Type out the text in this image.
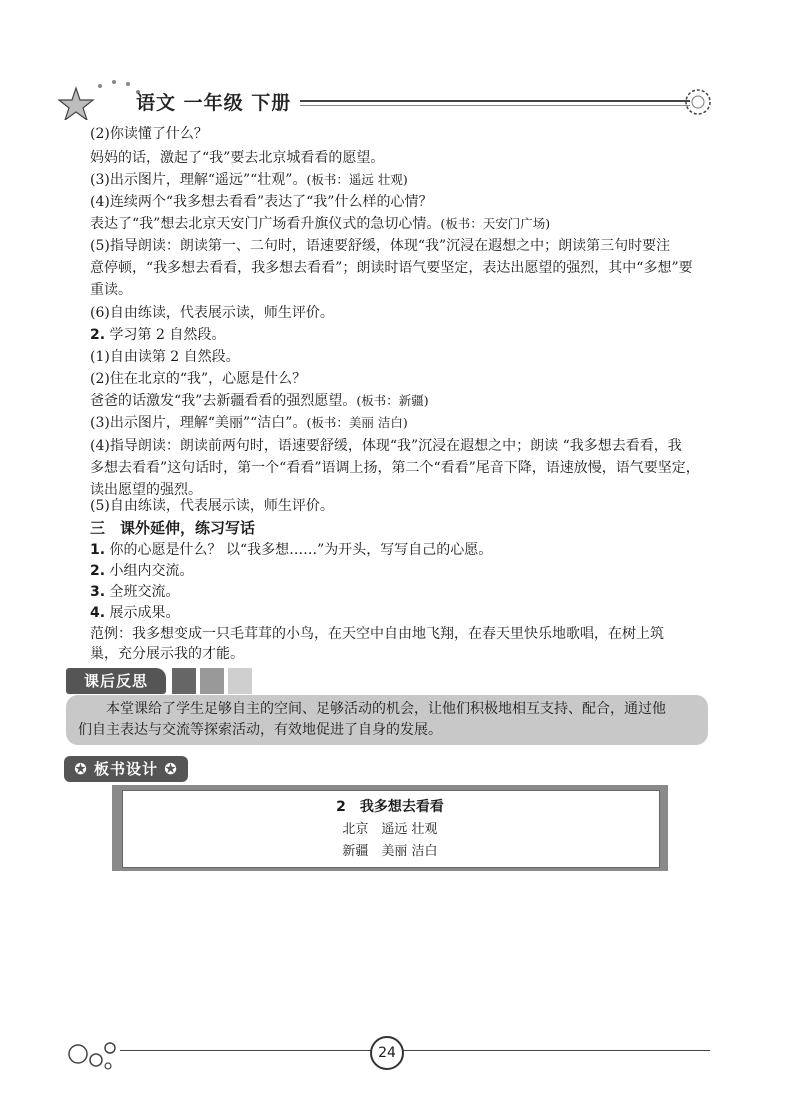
语文 一年级 下册
(2)你读懂了什么？
妈妈的话，激起了“我”要去北京城看看的愿望。
(3)出示图片，理解“遥远”“壮观”。(板书：遥远 壮观)
(4)连续两个“我多想去看看”表达了“我”什么样的心情？
表达了“我”想去北京天安门广场看升旗仪式的急切心情。(板书：天安门广场)
(5)指导朗读：朗读第一、二句时，语速要舒缓，体现“我”沉浸在遐想之中；朗读第三句时要注
意停顿，“我多想去看看，我多想去看看”；朗读时语气要坚定，表达出愿望的强烈，其中“多想”要
重读。
(6)自由练读，代表展示读，师生评价。
2. 学习第 2 自然段。
(1)自由读第 2 自然段。
(2)住在北京的“我”，心愿是什么？
爸爸的话激发“我”去新疆看看的强烈愿望。(板书：新疆)
(3)出示图片，理解“美丽”“洁白”。(板书：美丽 洁白)
(4)指导朗读：朗读前两句时，语速要舒缓，体现“我”沉浸在遐想之中；朗读 “我多想去看看，我
多想去看看”这句话时，第一个“看看”语调上扬，第二个“看看”尾音下降，语速放慢，语气要坚定，
读出愿望的强烈。
(5)自由练读，代表展示读，师生评价。
三　课外延伸，练习写话
1. 你的心愿是什么？ 以“我多想……”为开头，写写自己的心愿。
2. 小组内交流。
3. 全班交流。
4. 展示成果。
范例：我多想变成一只毛茸茸的小鸟，在天空中自由地飞翔，在春天里快乐地歌唱，在树上筑
课后反思
本堂课给了学生足够自主的空间、足够活动的机会，让他们积极地相互支持、配合，通过他
们自主表达与交流等探索活动，有效地促进了自身的发展。
✪ 板书设计 ✪
2　我多想去看看
北京　遥远 壮观
新疆　美丽 洁白
24
巢，充分展示我的才能。
